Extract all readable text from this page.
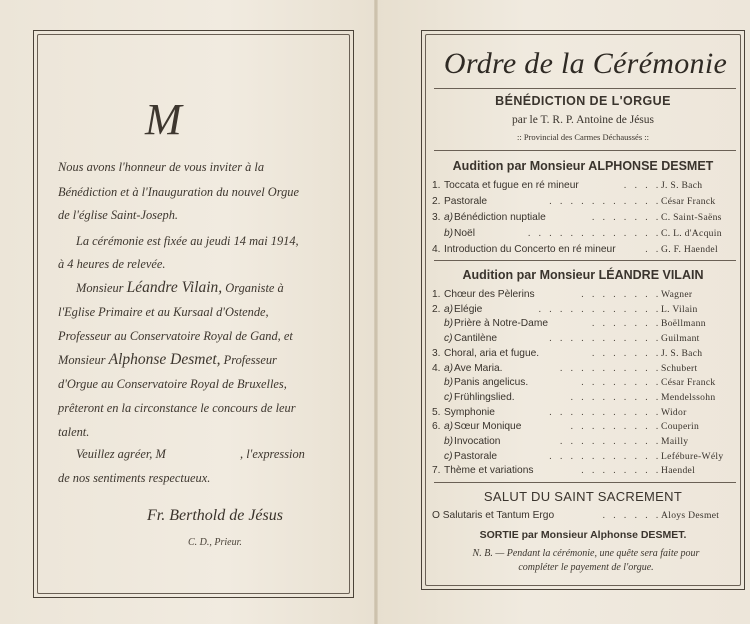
M
Nous avons l'honneur de vous inviter à la
Bénédiction et à l'Inauguration du nouvel Orgue
de l'église Saint-Joseph.
La cérémonie est fixée au jeudi 14 mai 1914,
à 4 heures de relevée.
Monsieur Léandre Vilain, Organiste à
l'Eglise Primaire et au Kursaal d'Ostende,
Professeur au Conservatoire Royal de Gand, et
Monsieur Alphonse Desmet, Professeur
d'Orgue au Conservatoire Royal de Bruxelles,
prêteront en la circonstance le concours de leur
talent.
Veuillez agréer, M	, l'expression
de nos sentiments respectueux.
Fr. Berthold de Jésus
C. D., Prieur.
Ordre de la Cérémonie
BÉNÉDICTION DE L'ORGUE
par le T. R. P. Antoine de Jésus
:: Provincial des Carmes Déchaussés ::
Audition par Monsieur ALPHONSE DESMET
1. Toccata et fugue en ré mineur	. . . . J. S. Bach
2. Pastorale	. . . . . . . . . . . César Franck
3. a) Bénédiction nuptiale	. . . . . . . C. Saint-Saëns
b) Noël	. . . . . . . . . . . . . C. L. d'Acquin
4. Introduction du Concerto en ré mineur	. . G. F. Haendel
Audition par Monsieur LÉANDRE VILAIN
1. Chœur des Pèlerins	. . . . . . . . Wagner
2. a) Elégie	. . . . . . . . . . . . L. Vilain
b) Prière à Notre-Dame	. . . . . . . Boëllmann
c) Cantilène	. . . . . . . . . . . Guilmant
3. Choral, aria et fugue.	. . . . . . . J. S. Bach
4. a) Ave Maria.	. . . . . . . . . . Schubert
b) Panis angelicus.	. . . . . . . . César Franck
c) Frühlingslied.	. . . . . . . . . Mendelssohn
5. Symphonie	. . . . . . . . . . . Widor
6. a) Sœur Monique	. . . . . . . . . Couperin
b) Invocation	. . . . . . . . . . Mailly
c) Pastorale	. . . . . . . . . . . Lefébure-Wély
7. Thème et variations	. . . . . . . . Haendel
SALUT DU SAINT SACREMENT
O Salutaris et Tantum Ergo	. . . . . . Aloys Desmet
SORTIE par Monsieur Alphonse DESMET.
N. B. — Pendant la cérémonie, une quête sera faite pour
compléter le payement de l'orgue.
